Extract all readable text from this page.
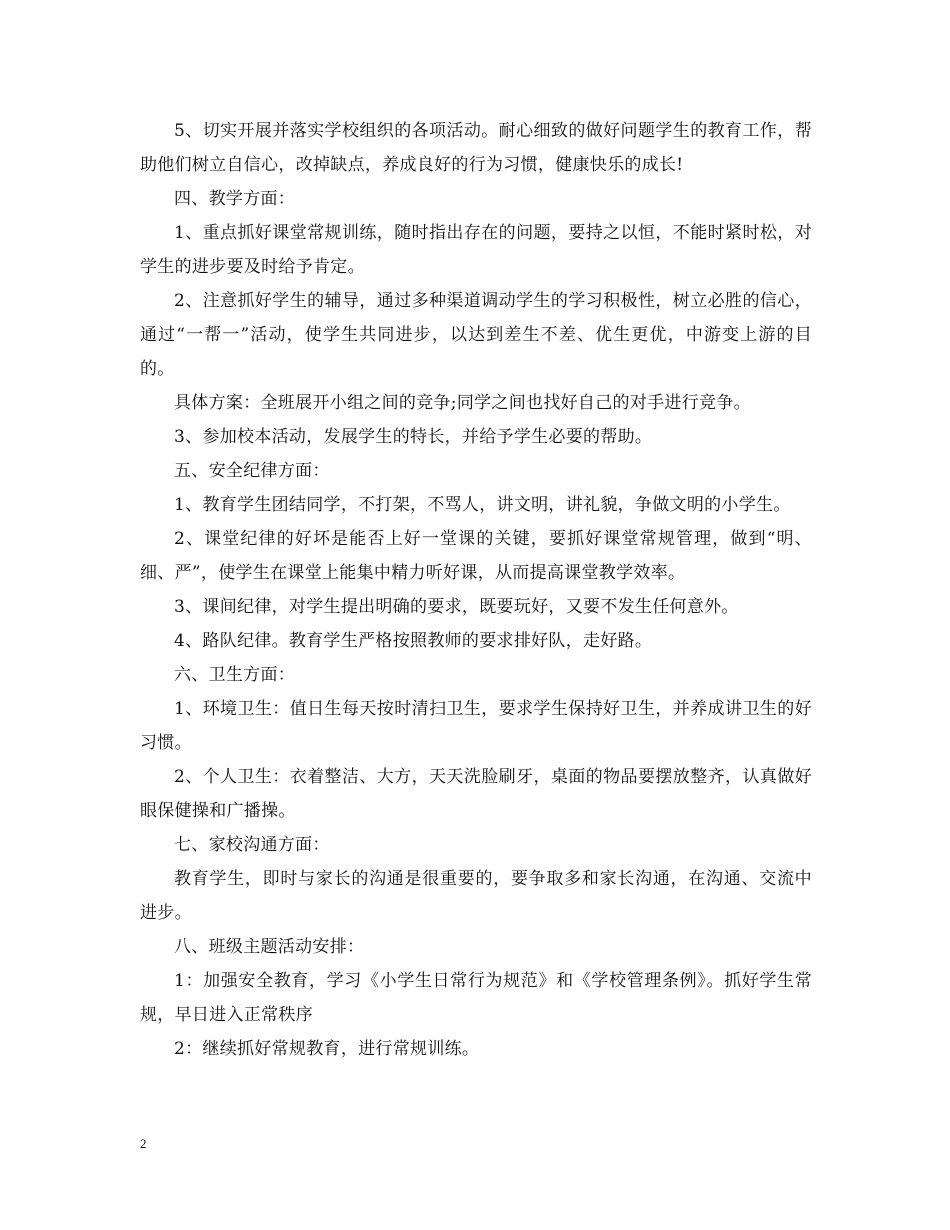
5、切实开展并落实学校组织的各项活动。耐心细致的做好问题学生的教育工作，帮助他们树立自信心，改掉缺点，养成良好的行为习惯，健康快乐的成长!

四、教学方面：

1、重点抓好课堂常规训练，随时指出存在的问题，要持之以恒，不能时紧时松，对学生的进步要及时给予肯定。

2、注意抓好学生的辅导，通过多种渠道调动学生的学习积极性，树立必胜的信心，通过“一帮一”活动，使学生共同进步，以达到差生不差、优生更优，中游变上游的目的。

具体方案：全班展开小组之间的竞争;同学之间也找好自己的对手进行竞争。

3、参加校本活动，发展学生的特长，并给予学生必要的帮助。

五、安全纪律方面：

1、教育学生团结同学，不打架，不骂人，讲文明，讲礼貌，争做文明的小学生。

2、课堂纪律的好坏是能否上好一堂课的关键，要抓好课堂常规管理，做到“明、细、严”，使学生在课堂上能集中精力听好课，从而提高课堂教学效率。

3、课间纪律，对学生提出明确的要求，既要玩好，又要不发生任何意外。

4、路队纪律。教育学生严格按照教师的要求排好队，走好路。

六、卫生方面：

1、环境卫生：值日生每天按时清扫卫生，要求学生保持好卫生，并养成讲卫生的好习惯。

2、个人卫生：衣着整洁、大方，天天洗脸刷牙，桌面的物品要摆放整齐，认真做好眼保健操和广播操。

七、家校沟通方面：

教育学生，即时与家长的沟通是很重要的，要争取多和家长沟通，在沟通、交流中进步。

八、班级主题活动安排：

1：加强安全教育，学习《小学生日常行为规范》和《学校管理条例》。抓好学生常规，早日进入正常秩序

2：继续抓好常规教育，进行常规训练。

2
